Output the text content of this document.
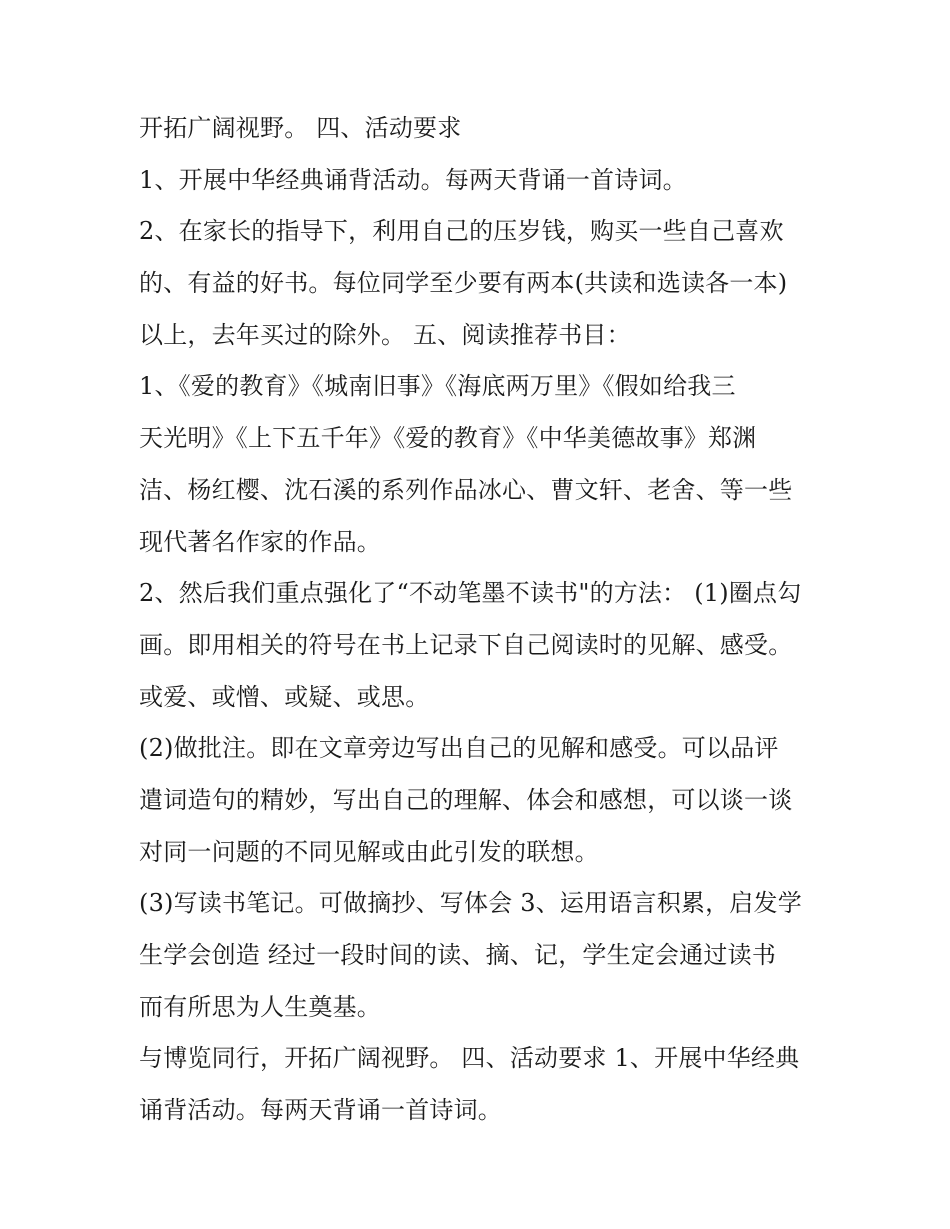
开拓广阔视野。 四、活动要求
1、开展中华经典诵背活动。每两天背诵一首诗词。
2、在家长的指导下，利用自己的压岁钱，购买一些自己喜欢
的、有益的好书。每位同学至少要有两本(共读和选读各一本)
以上，去年买过的除外。 五、阅读推荐书目：
1、《爱的教育》《城南旧事》《海底两万里》《假如给我三
天光明》《上下五千年》《爱的教育》《中华美德故事》郑渊
洁、杨红樱、沈石溪的系列作品冰心、曹文轩、老舍、等一些
现代著名作家的作品。
2、然后我们重点强化了“不动笔墨不读书"的方法： (1)圈点勾
画。即用相关的符号在书上记录下自己阅读时的见解、感受。
或爱、或憎、或疑、或思。
(2)做批注。即在文章旁边写出自己的见解和感受。可以品评
遣词造句的精妙，写出自己的理解、体会和感想，可以谈一谈
对同一问题的不同见解或由此引发的联想。
(3)写读书笔记。可做摘抄、写体会 3、运用语言积累，启发学
生学会创造 经过一段时间的读、摘、记，学生定会通过读书
而有所思为人生奠基。
与博览同行，开拓广阔视野。 四、活动要求 1、开展中华经典
诵背活动。每两天背诵一首诗词。
